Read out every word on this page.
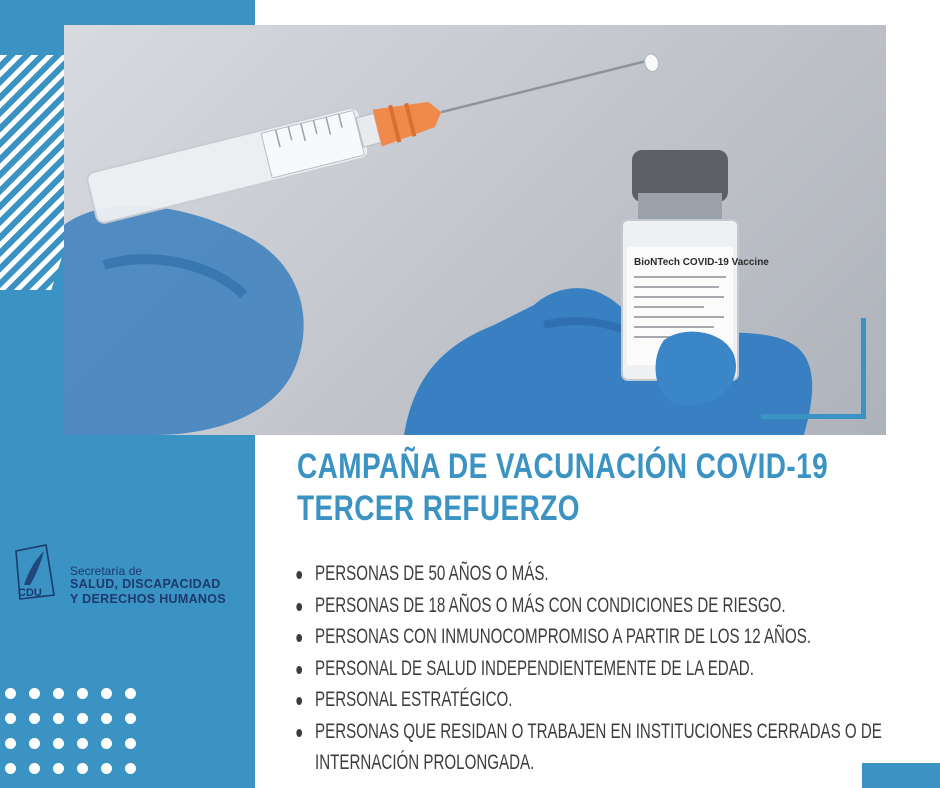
BioNTech COVID-19 Vaccine
CAMPAÑA DE VACUNACIÓN COVID-19
TERCER REFUERZO
CDU
Secretaría de
SALUD, DISCAPACIDAD
Y DERECHOS HUMANOS
PERSONAS DE 50 AÑOS O MÁS.
PERSONAS DE 18 AÑOS O MÁS CON CONDICIONES DE RIESGO.
PERSONAS CON INMUNOCOMPROMISO A PARTIR DE LOS 12 AÑOS.
PERSONAL DE SALUD INDEPENDIENTEMENTE DE LA EDAD.
PERSONAL ESTRATÉGICO.
PERSONAS QUE RESIDAN O TRABAJEN EN INSTITUCIONES CERRADAS O DE
INTERNACIÓN PROLONGADA.
